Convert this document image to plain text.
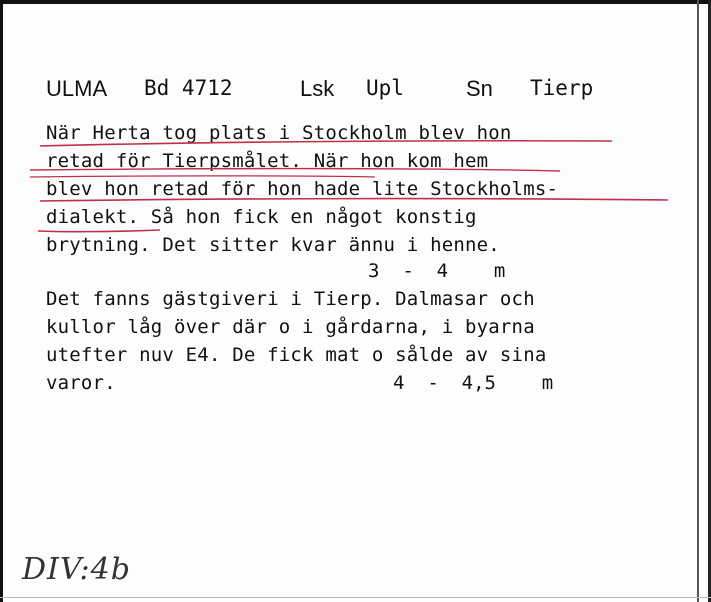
ULMA

Bd 4712

	Lsk

Upl

	Sn

Tierp

När Herta tog plats i Stockholm blev hon
retad för Tierpsmålet. När hon kom hem
blev hon retad för hon hade lite Stockholms-
dialekt. Så hon fick en något konstig
brytning. Det sitter kvar ännu i henne.
3  -  4    m
Det fanns gästgiveri i Tierp. Dalmasar och
kullor låg över där o i gårdarna, i byarna
utefter nuv E4. De fick mat o sålde av sina
varor.	4  -  4,5    m
DIV:4b
